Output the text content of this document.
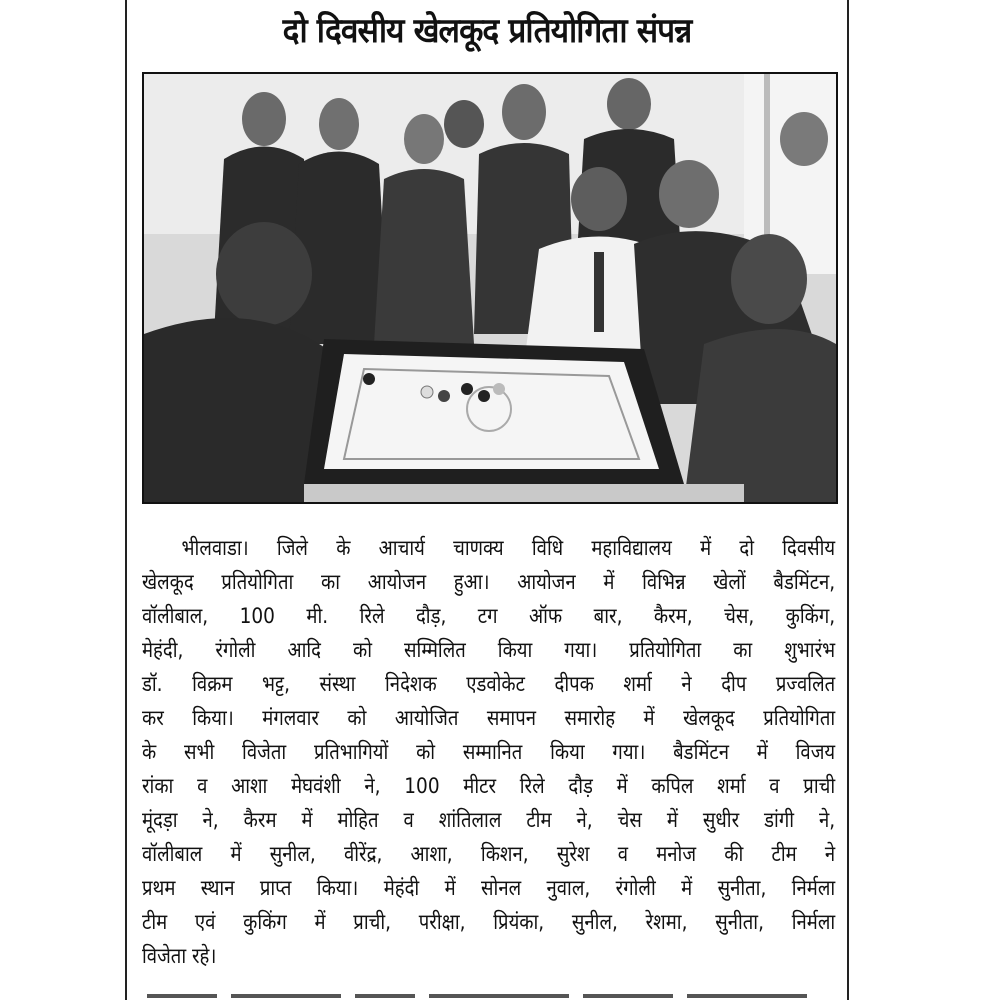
दो दिवसीय खेलकूद प्रतियोगिता संपन्न
भीलवाडा। जिले के आचार्य चाणक्य विधि महाविद्यालय में दो दिवसीय
खेलकूद प्रतियोगिता का आयोजन हुआ। आयोजन में विभिन्न खेलों बैडमिंटन,
वॉलीबाल, 100 मी. रिले दौड़, टग ऑफ बार, कैरम, चेस, कुकिंग,
मेहंदी, रंगोली आदि को सम्मिलित किया गया। प्रतियोगिता का शुभारंभ
डॉ. विक्रम भट्ट, संस्था निदेशक एडवोकेट दीपक शर्मा ने दीप प्रज्वलित
कर किया। मंगलवार को आयोजित समापन समारोह में खेलकूद प्रतियोगिता
के सभी विजेता प्रतिभागियों को सम्मानित किया गया। बैडमिंटन में विजय
रांका व आशा मेघवंशी ने, 100 मीटर रिले दौड़ में कपिल शर्मा व प्राची
मूंदड़ा ने, कैरम में मोहित व शांतिलाल टीम ने, चेस में सुधीर डांगी ने,
वॉलीबाल में सुनील, वीरेंद्र, आशा, किशन, सुरेश व मनोज की टीम ने
प्रथम स्थान प्राप्त किया। मेहंदी में सोनल नुवाल, रंगोली में सुनीता, निर्मला
टीम एवं कुकिंग में प्राची, परीक्षा, प्रियंका, सुनील, रेशमा, सुनीता, निर्मला
विजेता रहे।
